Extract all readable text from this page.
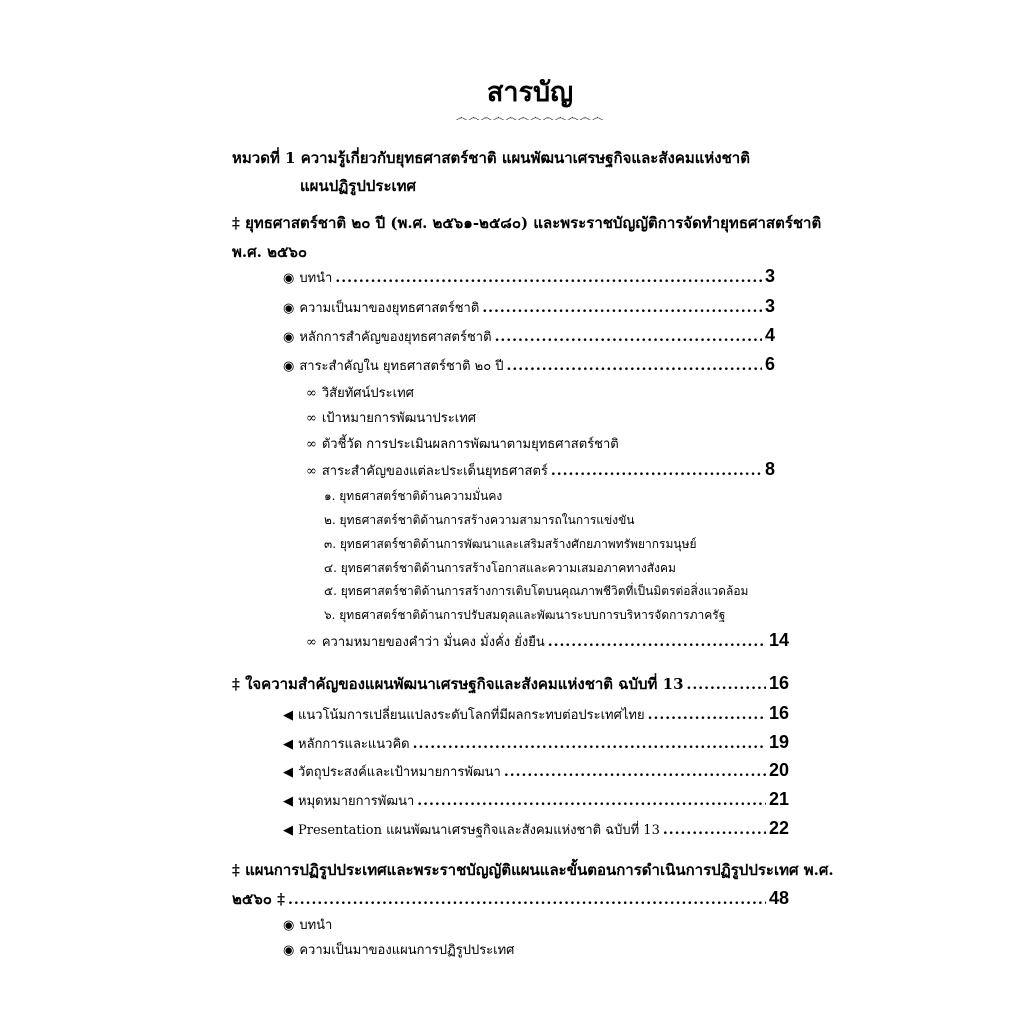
สารบัญ
෴෴෴෴෴෴෴෴෴෴෴෴
หมวดที่ 1 ความรู้เกี่ยวกับยุทธศาสตร์ชาติ แผนพัฒนาเศรษฐกิจและสังคมแห่งชาติ
แผนปฏิรูปประเทศ
‡ ยุทธศาสตร์ชาติ ๒๐ ปี (พ.ศ. ๒๕๖๑-๒๕๘๐) และพระราชบัญญัติการจัดทำยุทธศาสตร์ชาติ
พ.ศ. ๒๕๖๐
◉ บทนำ .....	3
◉ ความเป็นมาของยุทธศาสตร์ชาติ .....	3
◉ หลักการสำคัญของยุทธศาสตร์ชาติ .....	4
◉ สาระสำคัญใน ยุทธศาสตร์ชาติ ๒๐ ปี .....	6
∞ วิสัยทัศน์ประเทศ
∞ เป้าหมายการพัฒนาประเทศ
∞ ตัวชี้วัด การประเมินผลการพัฒนาตามยุทธศาสตร์ชาติ
∞ สาระสำคัญของแต่ละประเด็นยุทธศาสตร์ .....	8
๑. ยุทธศาสตร์ชาติด้านความมั่นคง
๒. ยุทธศาสตร์ชาติด้านการสร้างความสามารถในการแข่งขัน
๓. ยุทธศาสตร์ชาติด้านการพัฒนาและเสริมสร้างศักยภาพทรัพยากรมนุษย์
๔. ยุทธศาสตร์ชาติด้านการสร้างโอกาสและความเสมอภาคทางสังคม
๕. ยุทธศาสตร์ชาติด้านการสร้างการเติบโตบนคุณภาพชีวิตที่เป็นมิตรต่อสิ่งแวดล้อม
๖. ยุทธศาสตร์ชาติด้านการปรับสมดุลและพัฒนาระบบการบริหารจัดการภาครัฐ
∞ ความหมายของคำว่า มั่นคง มั่งคั่ง ยั่งยืน .....	14
‡ ใจความสำคัญของแผนพัฒนาเศรษฐกิจและสังคมแห่งชาติ ฉบับที่ 13 .....	16
◀ แนวโน้มการเปลี่ยนแปลงระดับโลกที่มีผลกระทบต่อประเทศไทย .....	16
◀ หลักการและแนวคิด .....	19
◀ วัตถุประสงค์และเป้าหมายการพัฒนา .....	20
◀ หมุดหมายการพัฒนา .....	21
◀ Presentation แผนพัฒนาเศรษฐกิจและสังคมแห่งชาติ ฉบับที่ 13 .....	22
‡ แผนการปฏิรูปประเทศและพระราชบัญญัติแผนและขั้นตอนการดำเนินการปฏิรูปประเทศ พ.ศ.
๒๕๖๐ ‡ .....	48
◉ บทนำ
◉ ความเป็นมาของแผนการปฏิรูปประเทศ
